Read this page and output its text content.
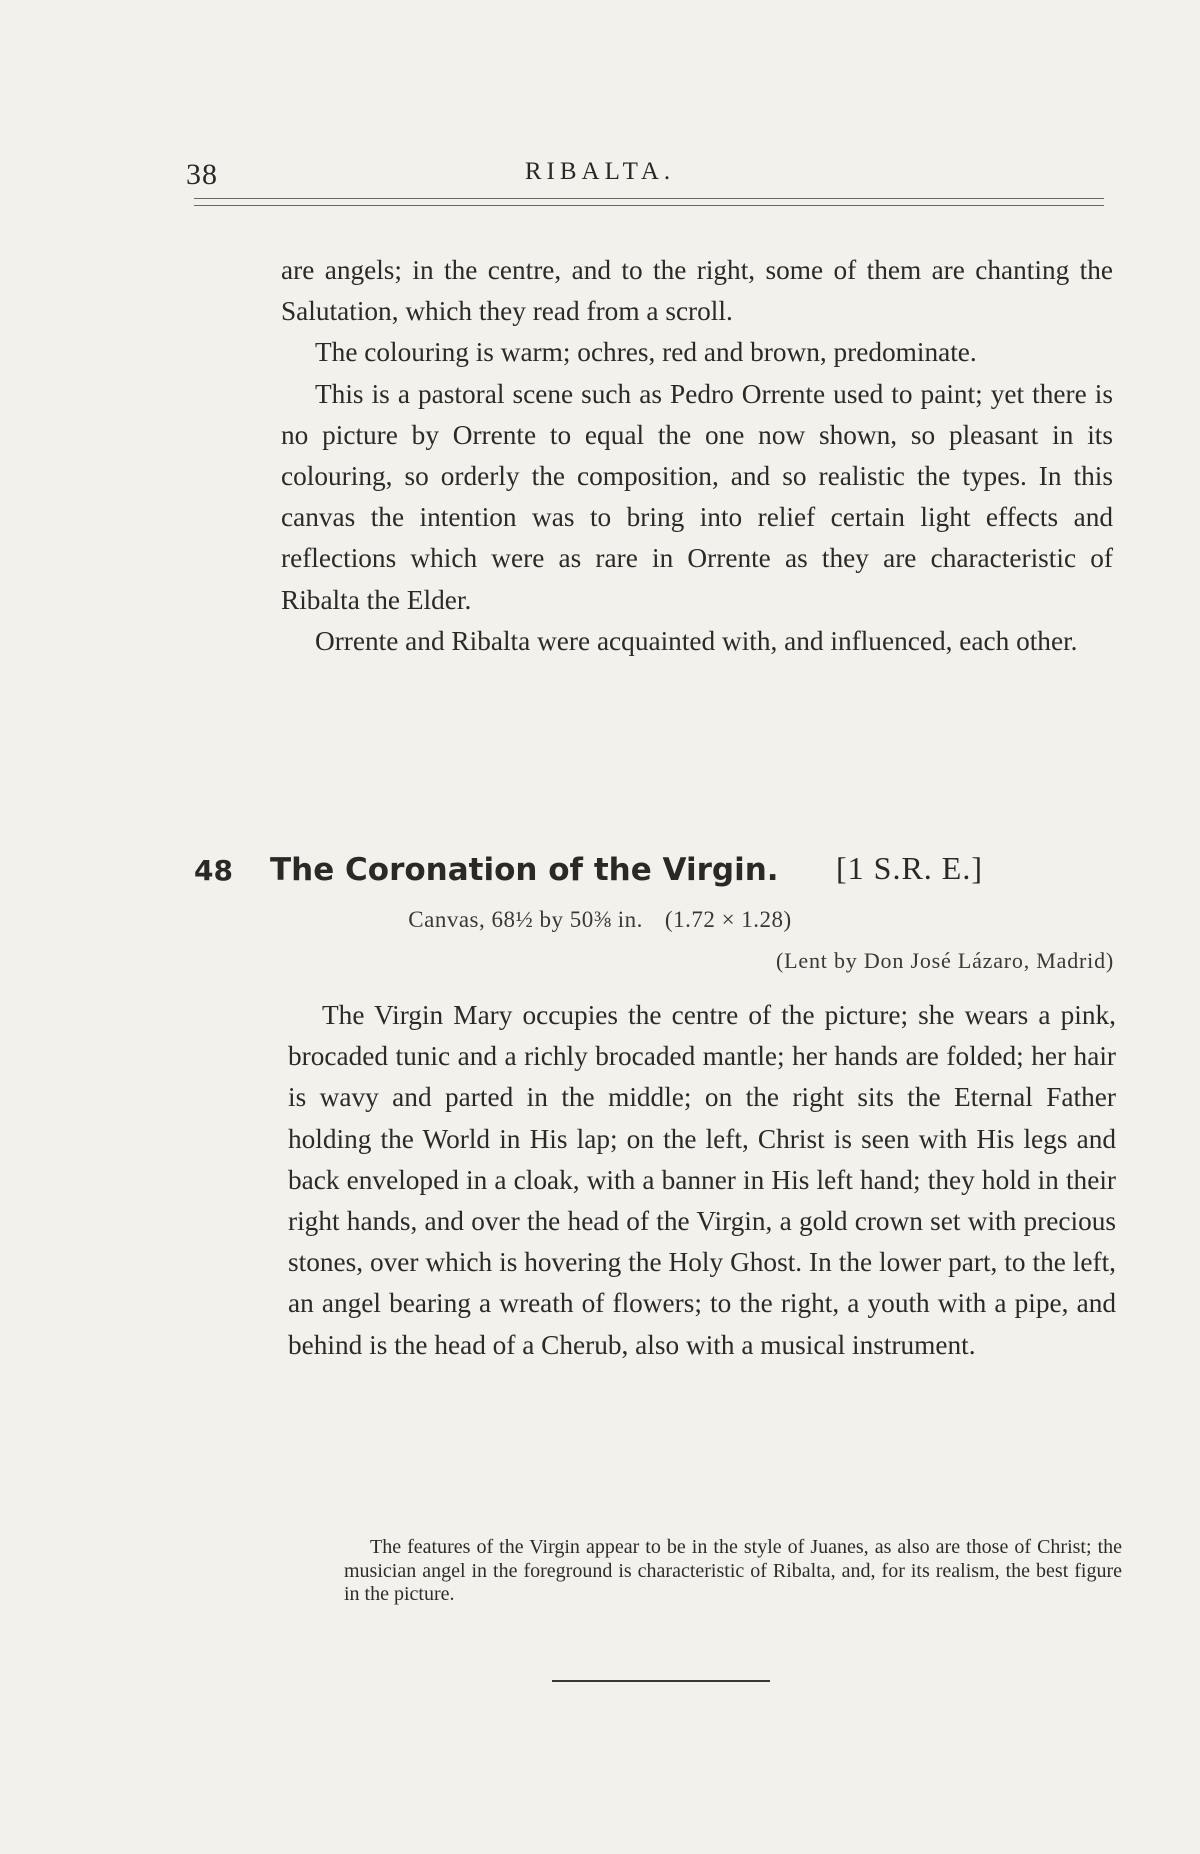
38	RIBALTA.

are angels; in the centre, and to the right, some of them are chanting the Salutation, which they read from a scroll.

The colouring is warm; ochres, red and brown, predominate.

This is a pastoral scene such as Pedro Orrente used to paint; yet there is no picture by Orrente to equal the one now shown, so pleasant in its colouring, so orderly the composition, and so realistic the types. In this canvas the intention was to bring into relief certain light effects and reflections which were as rare in Orrente as they are characteristic of Ribalta the Elder.

Orrente and Ribalta were acquainted with, and influenced, each other.

48 The Coronation of the Virgin. [1 S.R. E.]
Canvas, 68½ by 50⅜ in. (1.72 × 1.28)
(Lent by Don José Lázaro, Madrid)

The Virgin Mary occupies the centre of the picture; she wears a pink, brocaded tunic and a richly brocaded mantle; her hands are folded; her hair is wavy and parted in the middle; on the right sits the Eternal Father holding the World in His lap; on the left, Christ is seen with His legs and back enveloped in a cloak, with a banner in His left hand; they hold in their right hands, and over the head of the Virgin, a gold crown set with precious stones, over which is hovering the Holy Ghost. In the lower part, to the left, an angel bearing a wreath of flowers; to the right, a youth with a pipe, and behind is the head of a Cherub, also with a musical instrument.

The features of the Virgin appear to be in the style of Juanes, as also are those of Christ; the musician angel in the foreground is characteristic of Ribalta, and, for its realism, the best figure in the picture.
